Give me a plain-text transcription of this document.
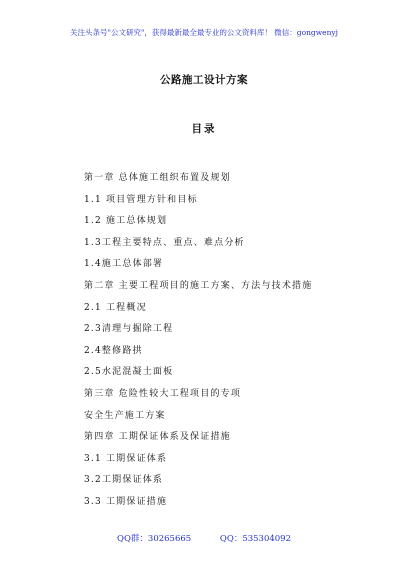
关注头条号"公文研究"，获得最新最全最专业的公文资料库！ 微信：gongwenyj
公路施工设计方案
目录
第一章 总体施工组织布置及规划
1.1 项目管理方针和目标
1.2 施工总体规划
1.3工程主要特点、重点、难点分析
1.4施工总体部署
第二章 主要工程项目的施工方案、方法与技术措施
2.1 工程概况
2.3清理与掘除工程
2.4整修路拱
2.5水泥混凝土面板
第三章 危险性较大工程项目的专项
安全生产施工方案
第四章 工期保证体系及保证措施
3.1 工期保证体系
3.2工期保证体系
3.3 工期保证措施
QQ群：30265665	QQ：535304092
